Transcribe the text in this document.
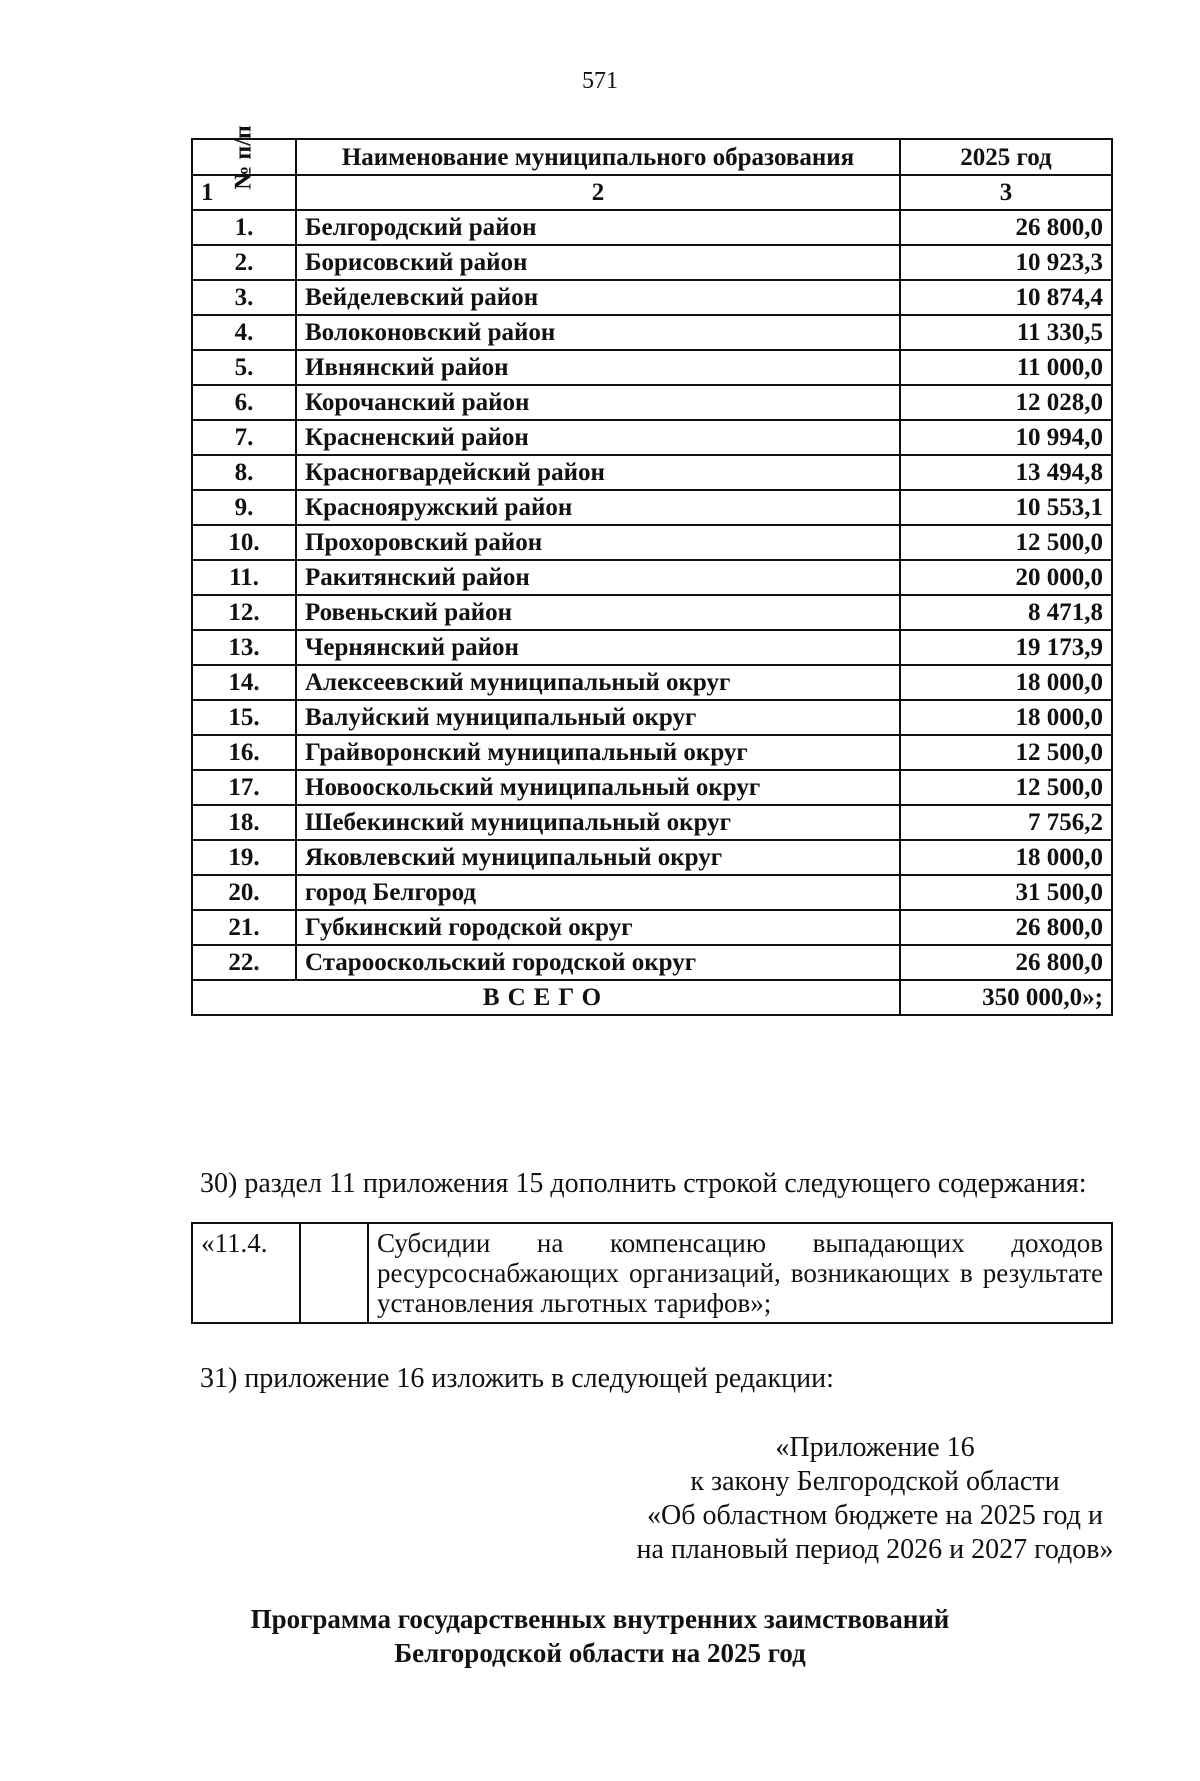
571
№ п/п	Наименование муниципального образования	2025 год
1	2	3
1.	Белгородский район	26 800,0
2.	Борисовский район	10 923,3
3.	Вейделевский район	10 874,4
4.	Волоконовский район	11 330,5
5.	Ивнянский район	11 000,0
6.	Корочанский район	12 028,0
7.	Красненский район	10 994,0
8.	Красногвардейский район	13 494,8
9.	Краснояружский район	10 553,1
10.	Прохоровский район	12 500,0
11.	Ракитянский район	20 000,0
12.	Ровеньский район	8 471,8
13.	Чернянский район	19 173,9
14.	Алексеевский муниципальный округ	18 000,0
15.	Валуйский муниципальный округ	18 000,0
16.	Грайворонский муниципальный округ	12 500,0
17.	Новооскольский муниципальный округ	12 500,0
18.	Шебекинский муниципальный округ	7 756,2
19.	Яковлевский муниципальный округ	18 000,0
20.	город Белгород	31 500,0
21.	Губкинский городской округ	26 800,0
22.	Старооскольский городской округ	26 800,0
ВСЕГО		350 000,0»;
30) раздел 11 приложения 15 дополнить строкой следующего содержания:
«11.4.		Субсидии на компенсацию выпадающих доходов ресурсоснабжающих организаций, возникающих в результате установления льготных тарифов»;
31) приложение 16 изложить в следующей редакции:
«Приложение 16
к закону Белгородской области
«Об областном бюджете на 2025 год и
на плановый период 2026 и 2027 годов»
Программа государственных внутренних заимствований
Белгородской области на 2025 год
